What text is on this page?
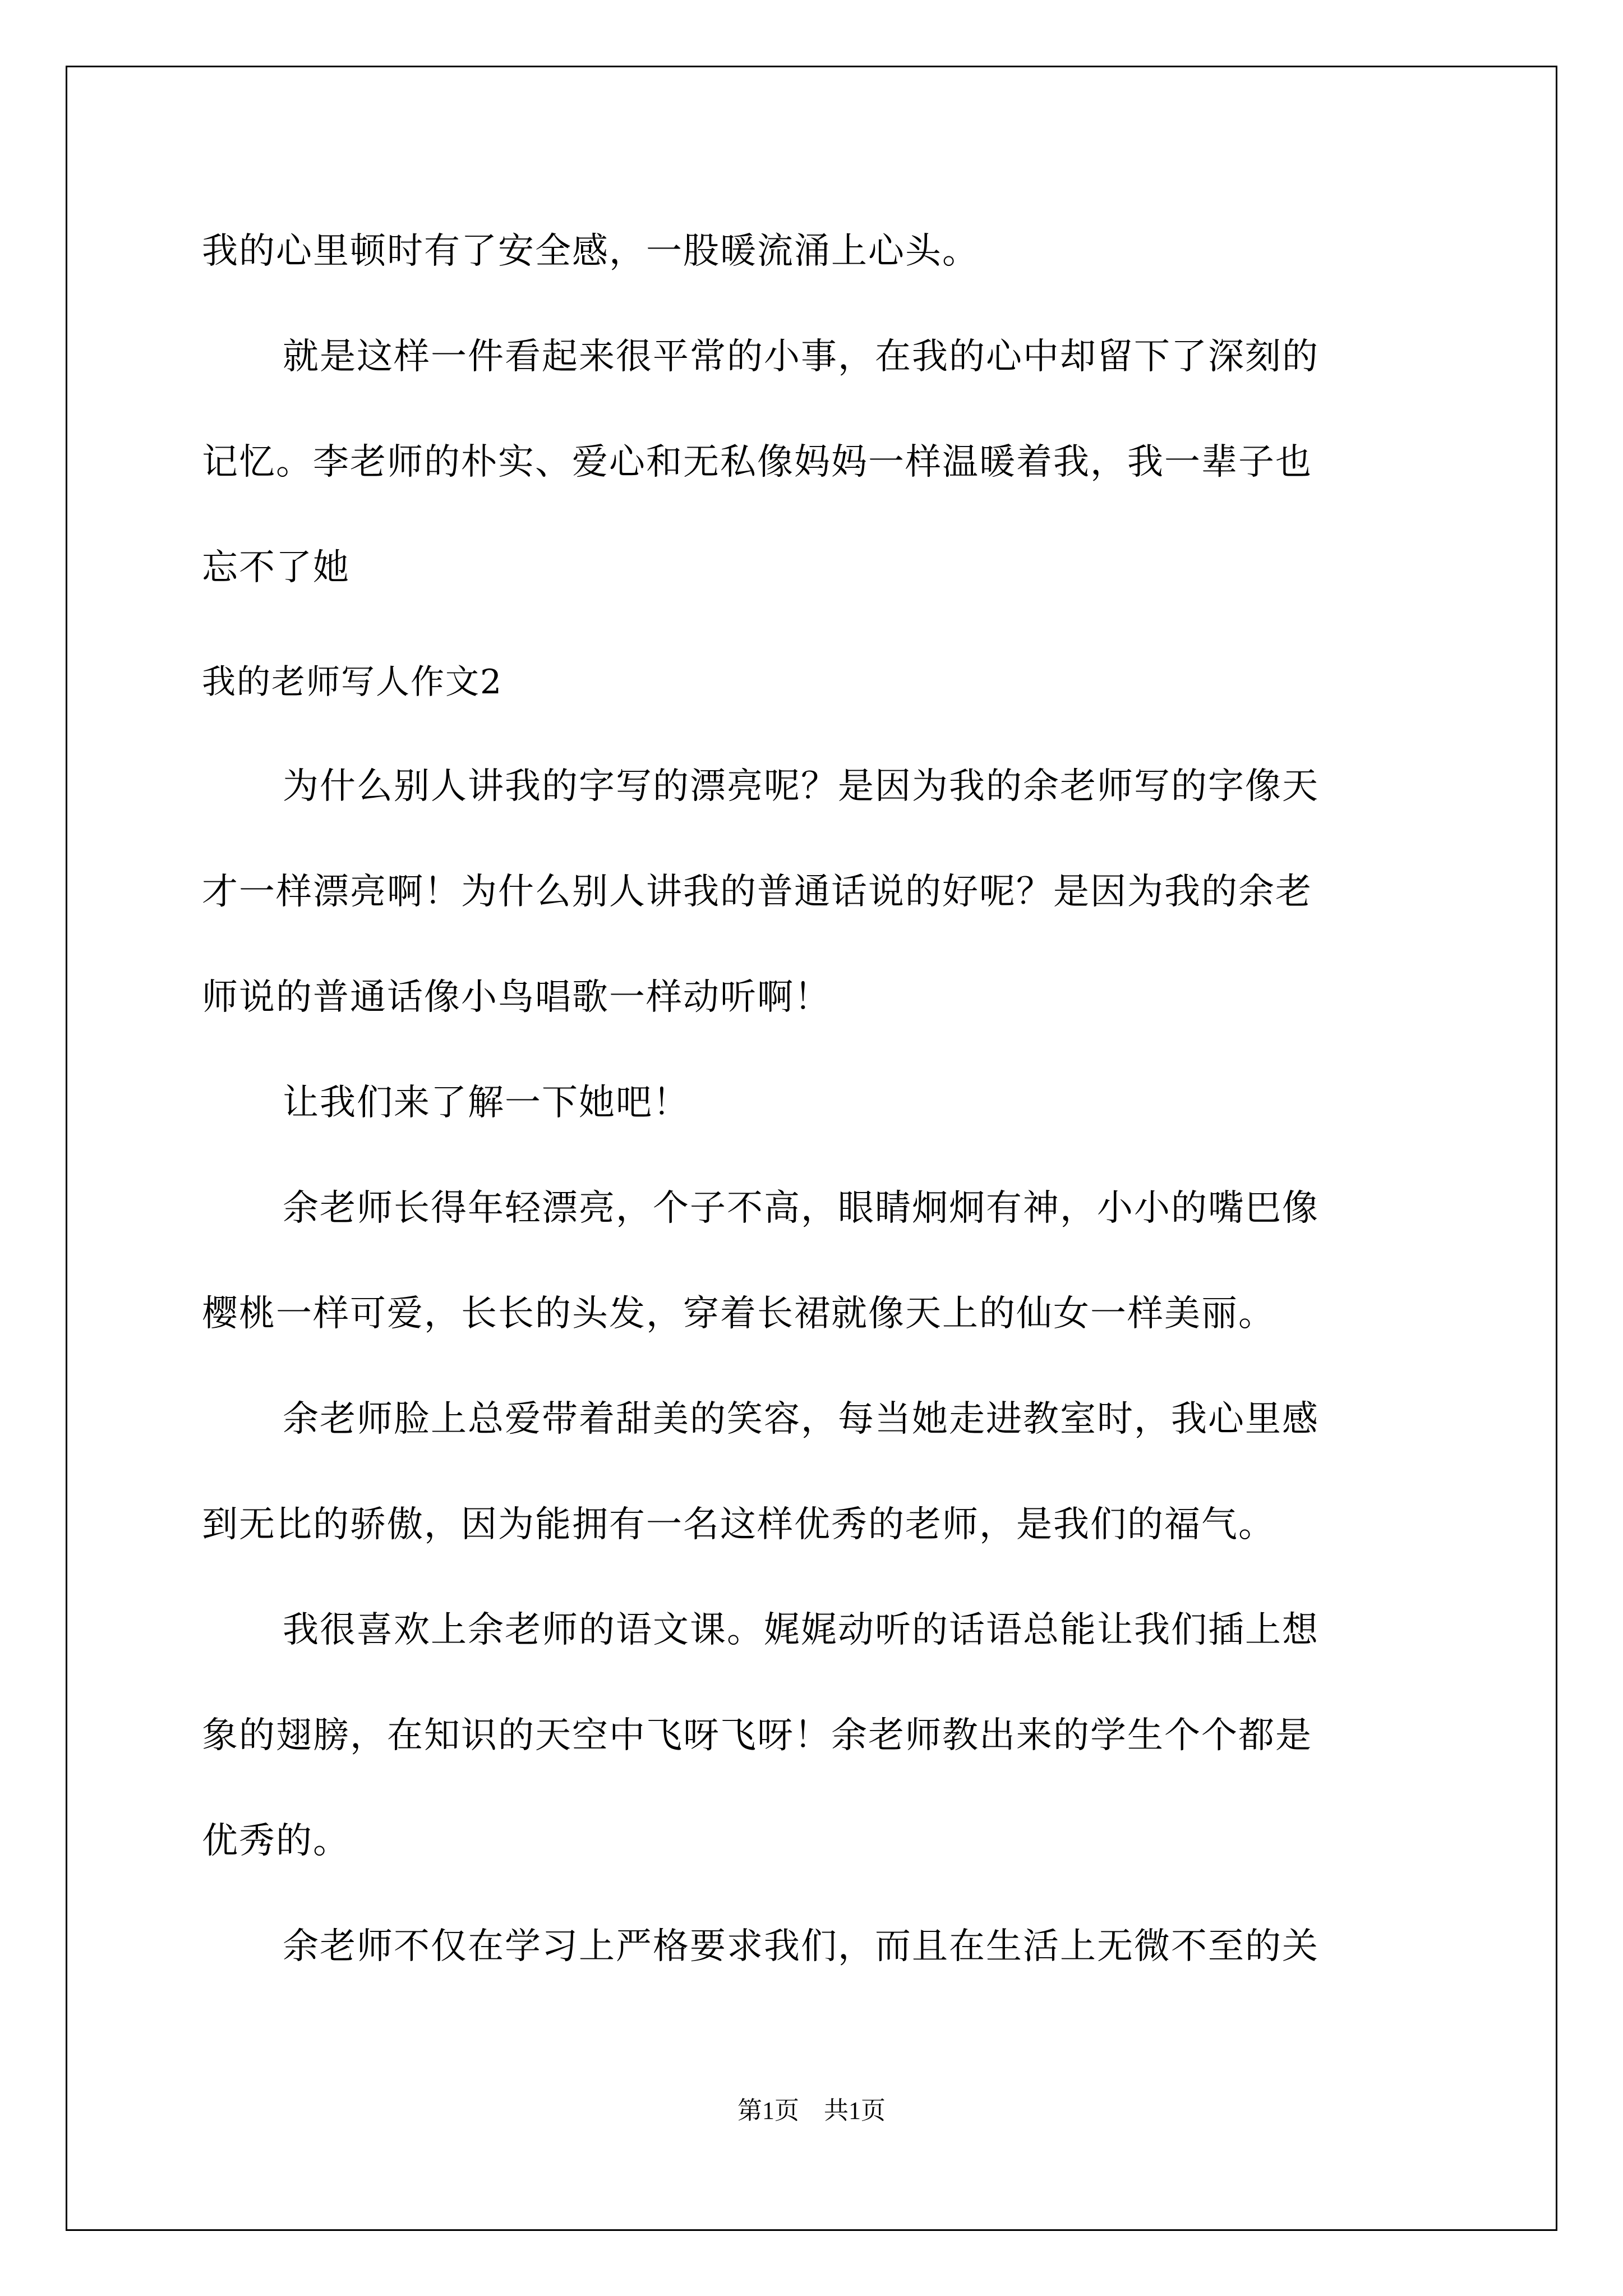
我的心里顿时有了安全感，一股暖流涌上心头。
就是这样一件看起来很平常的小事，在我的心中却留下了深刻的
记忆。李老师的朴实、爱心和无私像妈妈一样温暖着我，我一辈子也
忘不了她
我的老师写人作文2
为什么别人讲我的字写的漂亮呢？是因为我的余老师写的字像天
才一样漂亮啊！为什么别人讲我的普通话说的好呢？是因为我的余老
师说的普通话像小鸟唱歌一样动听啊！
让我们来了解一下她吧！
余老师长得年轻漂亮，个子不高，眼睛炯炯有神，小小的嘴巴像
樱桃一样可爱，长长的头发，穿着长裙就像天上的仙女一样美丽。
余老师脸上总爱带着甜美的笑容，每当她走进教室时，我心里感
到无比的骄傲，因为能拥有一名这样优秀的老师，是我们的福气。
我很喜欢上余老师的语文课。娓娓动听的话语总能让我们插上想
象的翅膀，在知识的天空中飞呀飞呀！余老师教出来的学生个个都是
优秀的。
余老师不仅在学习上严格要求我们，而且在生活上无微不至的关
第1页　共1页
